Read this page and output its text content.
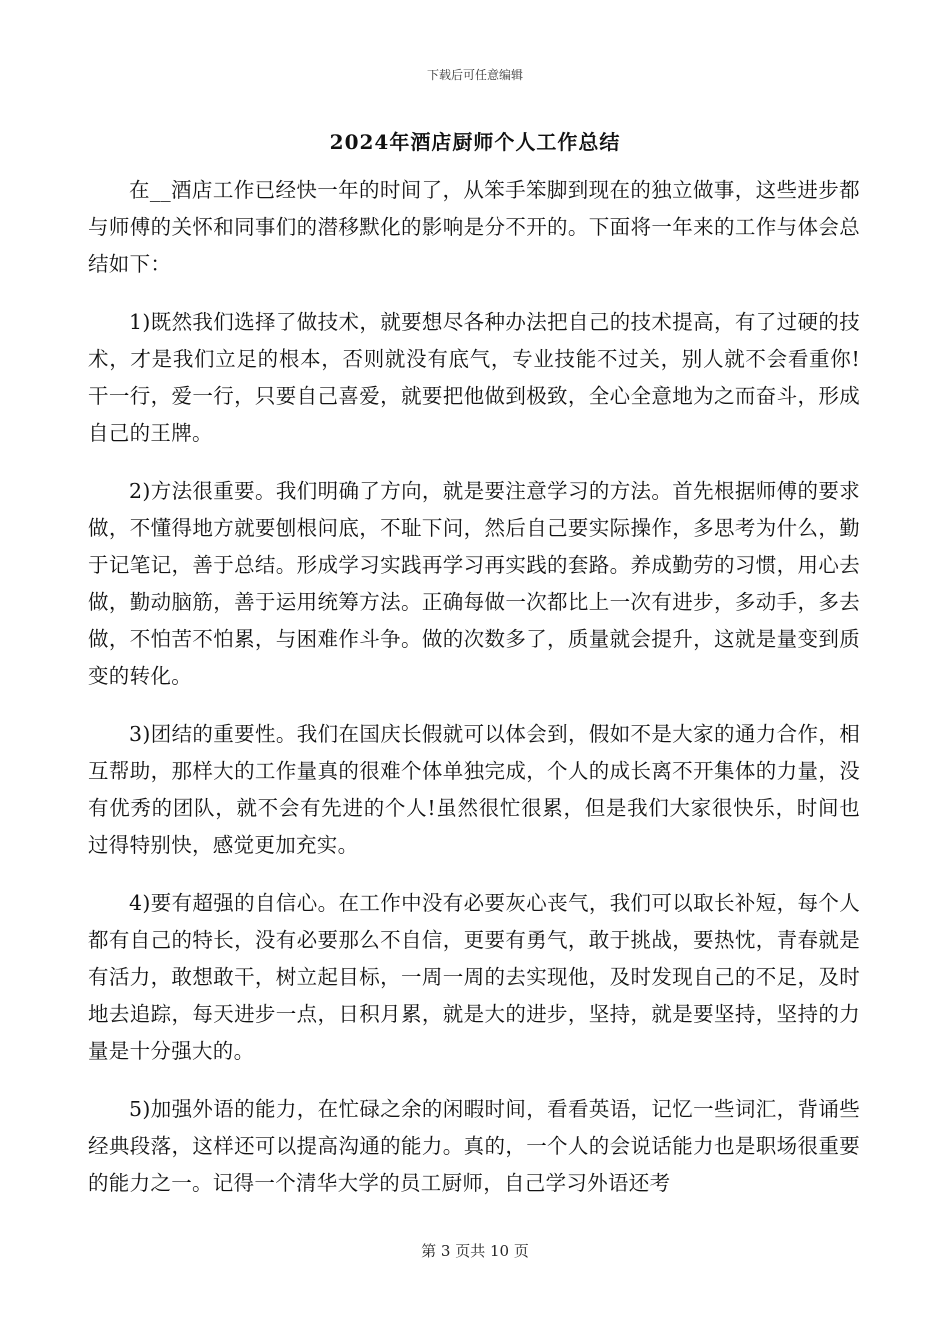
下载后可任意编辑
2024年酒店厨师个人工作总结

在__酒店工作已经快一年的时间了，从笨手笨脚到现在的独立做事，这些进步都与师傅的关怀和同事们的潜移默化的影响是分不开的。下面将一年来的工作与体会总结如下：

1)既然我们选择了做技术，就要想尽各种办法把自己的技术提高，有了过硬的技术，才是我们立足的根本，否则就没有底气，专业技能不过关，别人就不会看重你!干一行，爱一行，只要自己喜爱，就要把他做到极致，全心全意地为之而奋斗，形成自己的王牌。

2)方法很重要。我们明确了方向，就是要注意学习的方法。首先根据师傅的要求做，不懂得地方就要刨根问底，不耻下问，然后自己要实际操作，多思考为什么，勤于记笔记，善于总结。形成学习实践再学习再实践的套路。养成勤劳的习惯，用心去做，勤动脑筋，善于运用统筹方法。正确每做一次都比上一次有进步，多动手，多去做，不怕苦不怕累，与困难作斗争。做的次数多了，质量就会提升，这就是量变到质变的转化。

3)团结的重要性。我们在国庆长假就可以体会到，假如不是大家的通力合作，相互帮助，那样大的工作量真的很难个体单独完成，个人的成长离不开集体的力量，没有优秀的团队，就不会有先进的个人!虽然很忙很累，但是我们大家很快乐，时间也过得特别快，感觉更加充实。

4)要有超强的自信心。在工作中没有必要灰心丧气，我们可以取长补短，每个人都有自己的特长，没有必要那么不自信，更要有勇气，敢于挑战，要热忱，青春就是有活力，敢想敢干，树立起目标，一周一周的去实现他，及时发现自己的不足，及时地去追踪，每天进步一点，日积月累，就是大的进步，坚持，就是要坚持，坚持的力量是十分强大的。

5)加强外语的能力，在忙碌之余的闲暇时间，看看英语，记忆一些词汇，背诵些经典段落，这样还可以提高沟通的能力。真的，一个人的会说话能力也是职场很重要的能力之一。记得一个清华大学的员工厨师，自己学习外语还考

第 3 页共 10 页
